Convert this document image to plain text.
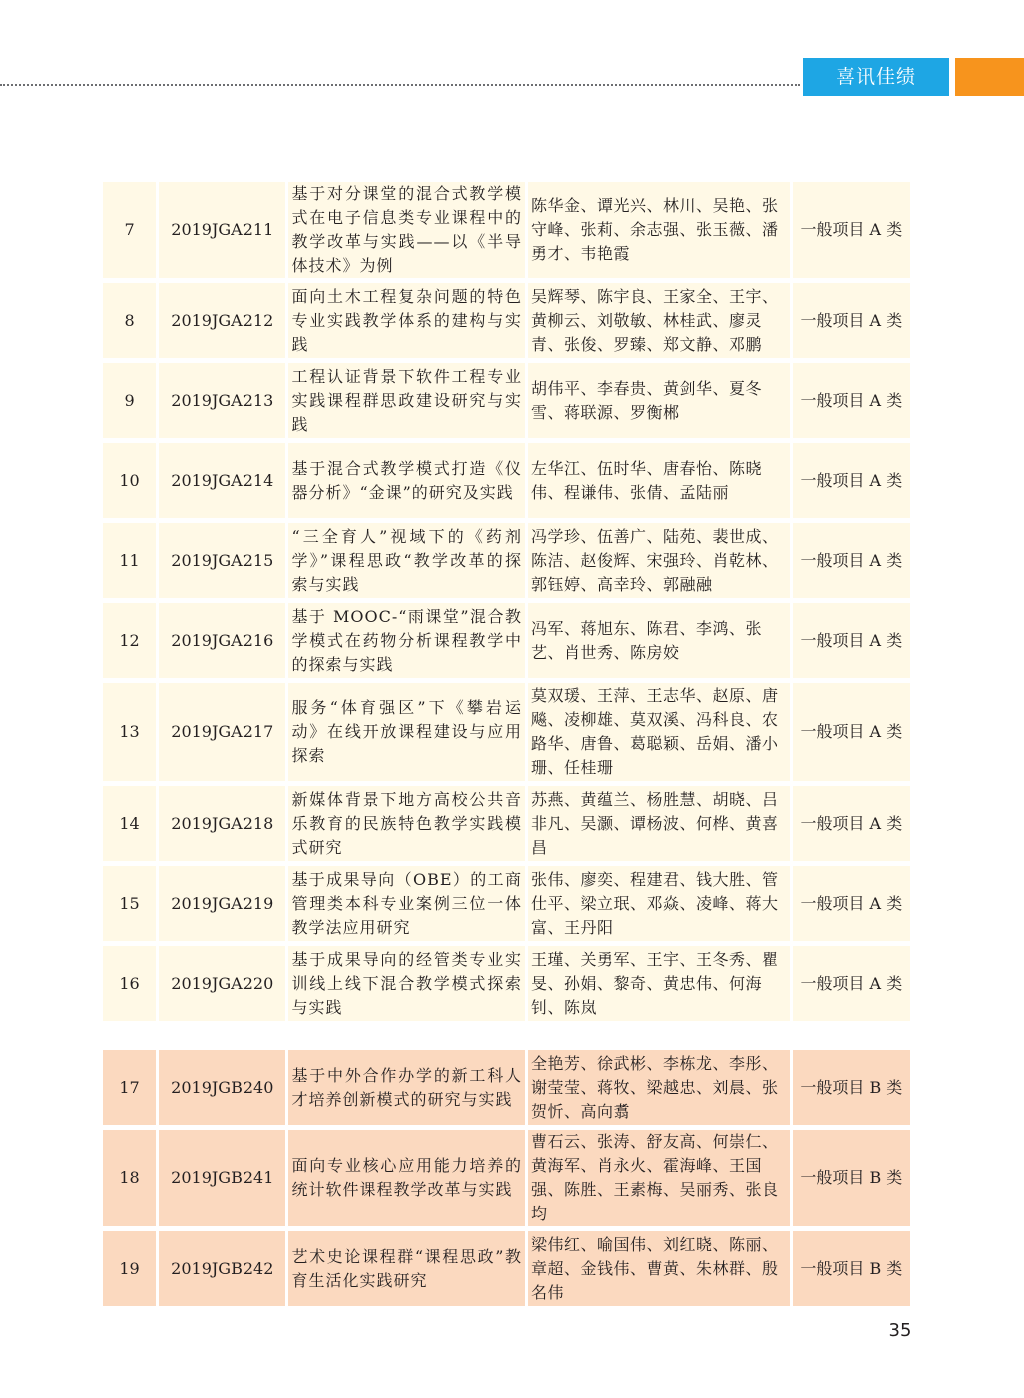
喜讯佳绩
7	2019JGA211	基于对分课堂的混合式教学模式在电子信息类专业课程中的教学改革与实践——以《半导体技术》为例	陈华金、谭光兴、林川、吴艳、张守峰、张莉、余志强、张玉薇、潘勇才、韦艳霞	一般项目 A 类
8	2019JGA212	面向土木工程复杂问题的特色专业实践教学体系的建构与实践	吴辉琴、陈宇良、王家全、王宇、黄柳云、刘敬敏、林桂武、廖灵青、张俊、罗臻、郑文静、邓鹏	一般项目 A 类
9	2019JGA213	工程认证背景下软件工程专业实践课程群思政建设研究与实践	胡伟平、李春贵、黄剑华、夏冬雪、蒋联源、罗衡郴	一般项目 A 类
10	2019JGA214	基于混合式教学模式打造《仪器分析》“金课”的研究及实践	左华江、伍时华、唐春怡、陈晓伟、程谦伟、张倩、孟陆丽	一般项目 A 类
11	2019JGA215	“三全育人”视域下的《药剂学》”课程思政“教学改革的探索与实践	冯学珍、伍善广、陆苑、裴世成、陈洁、赵俊辉、宋强玲、肖乾林、郭钰婷、高幸玲、郭融融	一般项目 A 类
12	2019JGA216	基于 MOOC-“雨课堂”混合教学模式在药物分析课程教学中的探索与实践	冯军、蒋旭东、陈君、李鸿、张艺、肖世秀、陈房姣	一般项目 A 类
13	2019JGA217	服务“体育强区”下《攀岩运动》在线开放课程建设与应用探索	莫双瑗、王萍、王志华、赵原、唐飚、凌柳雄、莫双溪、冯科良、农路华、唐鲁、葛聪颖、岳娟、潘小珊、任桂珊	一般项目 A 类
14	2019JGA218	新媒体背景下地方高校公共音乐教育的民族特色教学实践模式研究	苏燕、黄蕴兰、杨胜慧、胡晓、吕非凡、吴灏、谭杨波、何桦、黄喜昌	一般项目 A 类
15	2019JGA219	基于成果导向（OBE）的工商管理类本科专业案例三位一体教学法应用研究	张伟、廖奕、程建君、钱大胜、管仕平、梁立珉、邓焱、凌峰、蒋大富、王丹阳	一般项目 A 类
16	2019JGA220	基于成果导向的经管类专业实训线上线下混合教学模式探索与实践	王瑾、关勇军、王宇、王冬秀、瞿旻、孙娟、黎奇、黄忠伟、何海钊、陈岚	一般项目 A 类
17	2019JGB240	基于中外合作办学的新工科人才培养创新模式的研究与实践	全艳芳、徐武彬、李栋龙、李彤、谢莹莹、蒋牧、梁越忠、刘晨、张贺忻、高向翥	一般项目 B 类
18	2019JGB241	面向专业核心应用能力培养的统计软件课程教学改革与实践	曹石云、张涛、舒友高、何崇仁、黄海军、肖永火、霍海峰、王国强、陈胜、王素梅、吴丽秀、张良均	一般项目 B 类
19	2019JGB242	艺术史论课程群“课程思政”教育生活化实践研究	梁伟红、喻国伟、刘红晓、陈丽、章超、金钱伟、曹黄、朱林群、殷名伟	一般项目 B 类
35
